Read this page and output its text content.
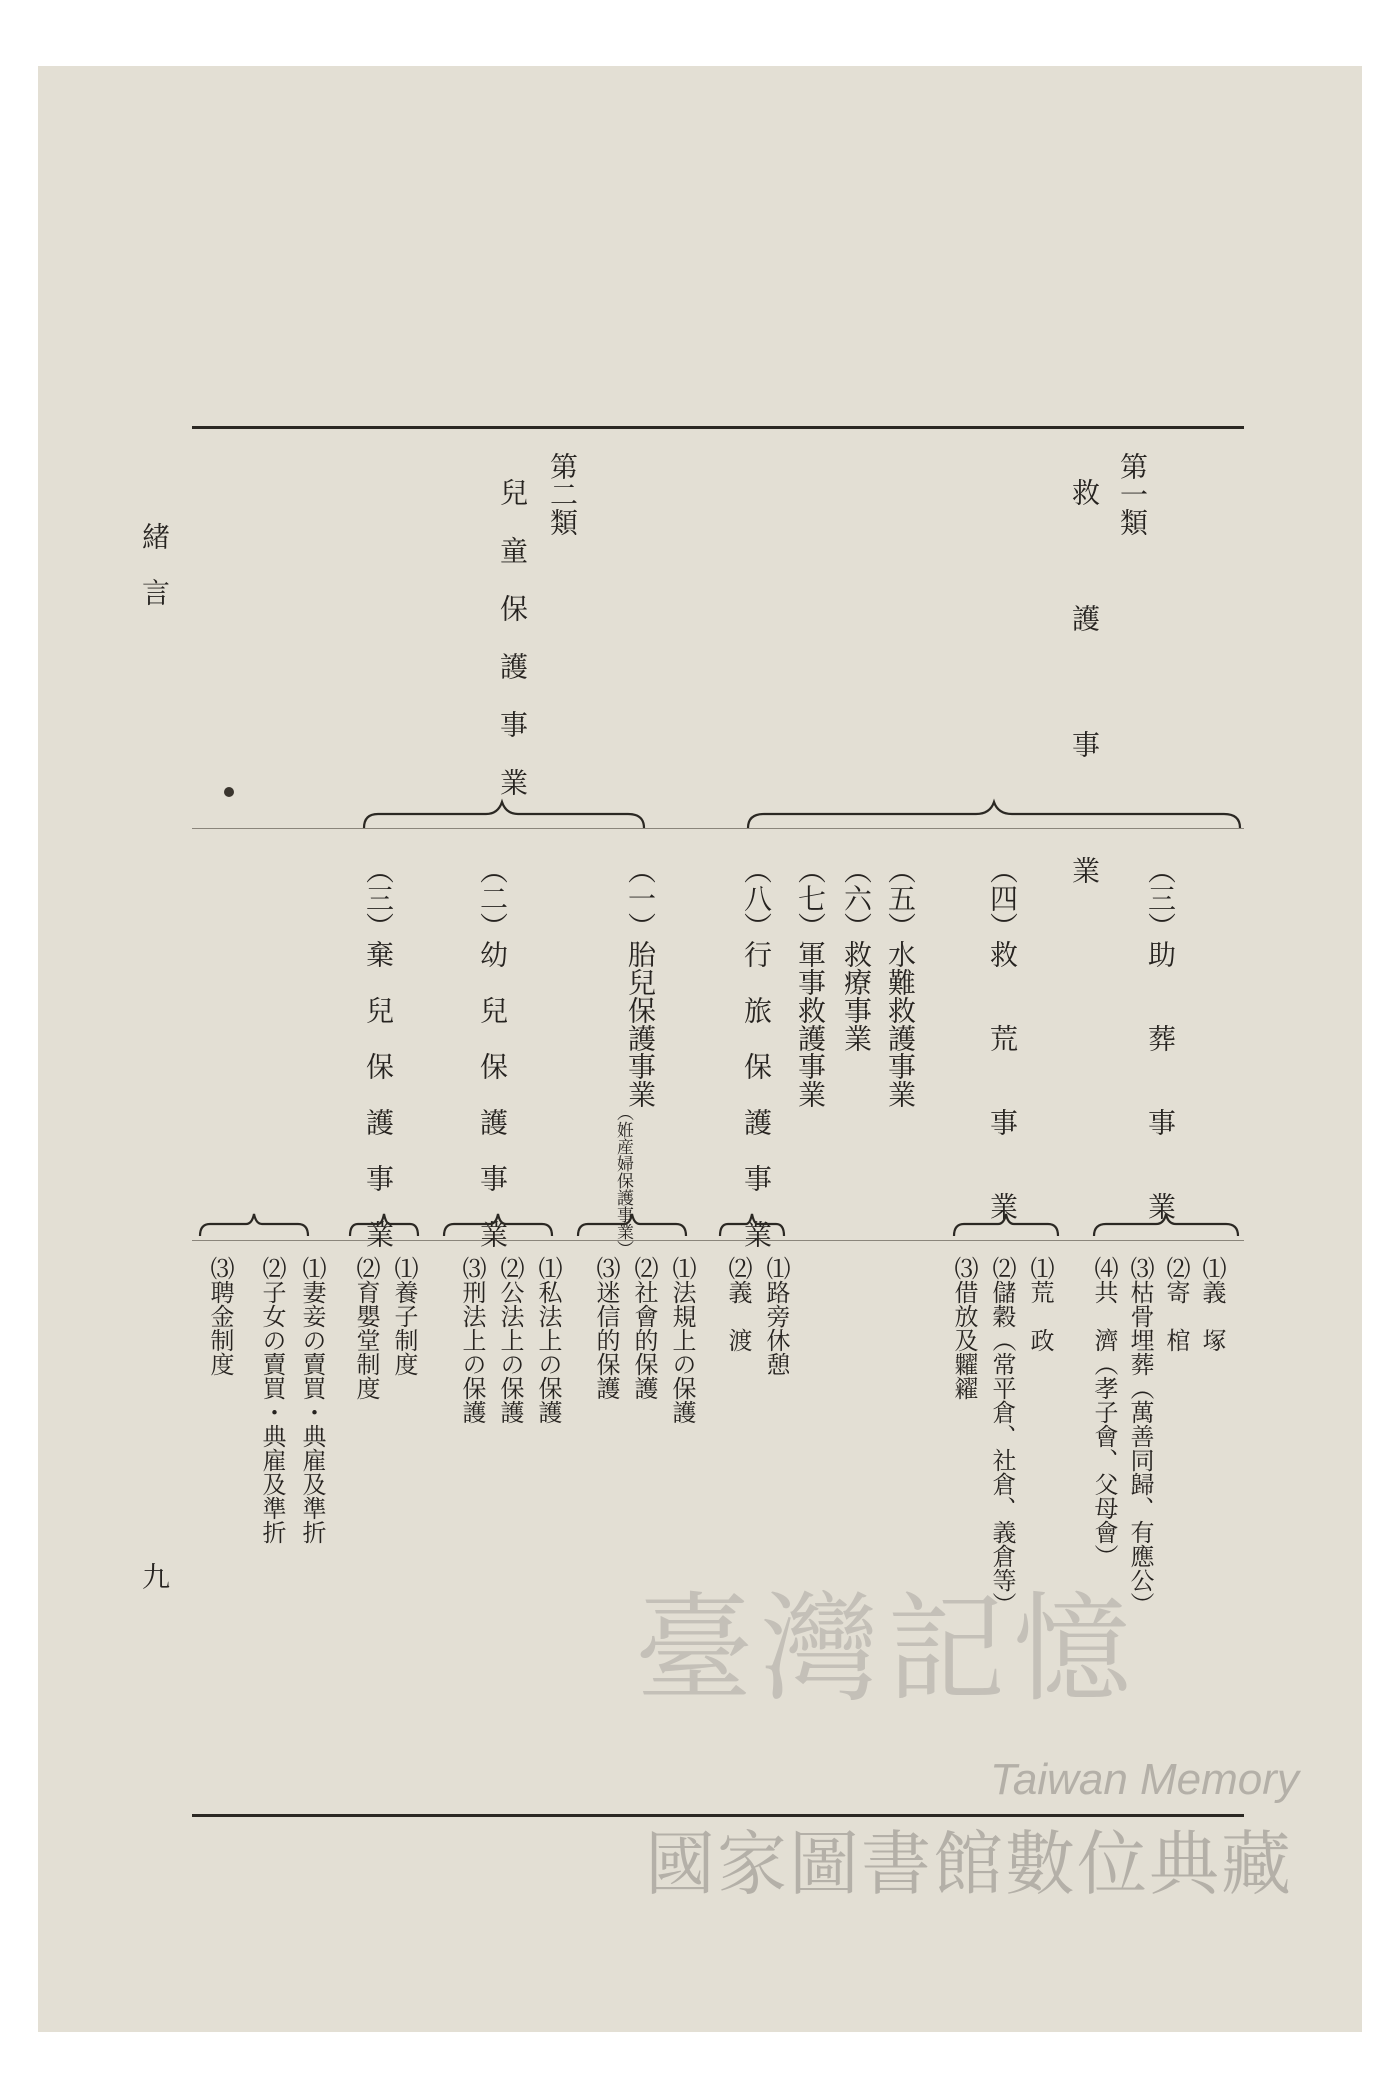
緒　言
九
第一類
救　　護　　事　　業
第二類
兒童保護事業
（三）助　　葬　　事　　業
（四）救　　荒　　事　　業
（五）水難救護事業
（六）救療事業
（七）軍事救護事業
（八）行　旅　保　護　事　業
（一）胎兒保護事業
（姙産婦保護事業）
（二）幼　兒　保　護　事　業
（三）棄　兒　保　護　事　業
⑴義　塚
⑵寄　棺
⑶枯骨埋葬（萬善同歸、有應公）
⑷共　濟（孝子會、父母會）
⑴荒　政
⑵儲穀（常平倉、社倉、義倉等）
⑶借放及糶糴
⑴路旁休憩
⑵義　渡
⑴法規上の保護
⑵社會的保護
⑶迷信的保護
⑴私法上の保護
⑵公法上の保護
⑶刑法上の保護
⑴養子制度
⑵育嬰堂制度
⑴妻妾の賣買・典雇及準折
⑵子女の賣買・典雇及準折
⑶聘金制度
臺灣記憶
Taiwan Memory
國家圖書館數位典藏
